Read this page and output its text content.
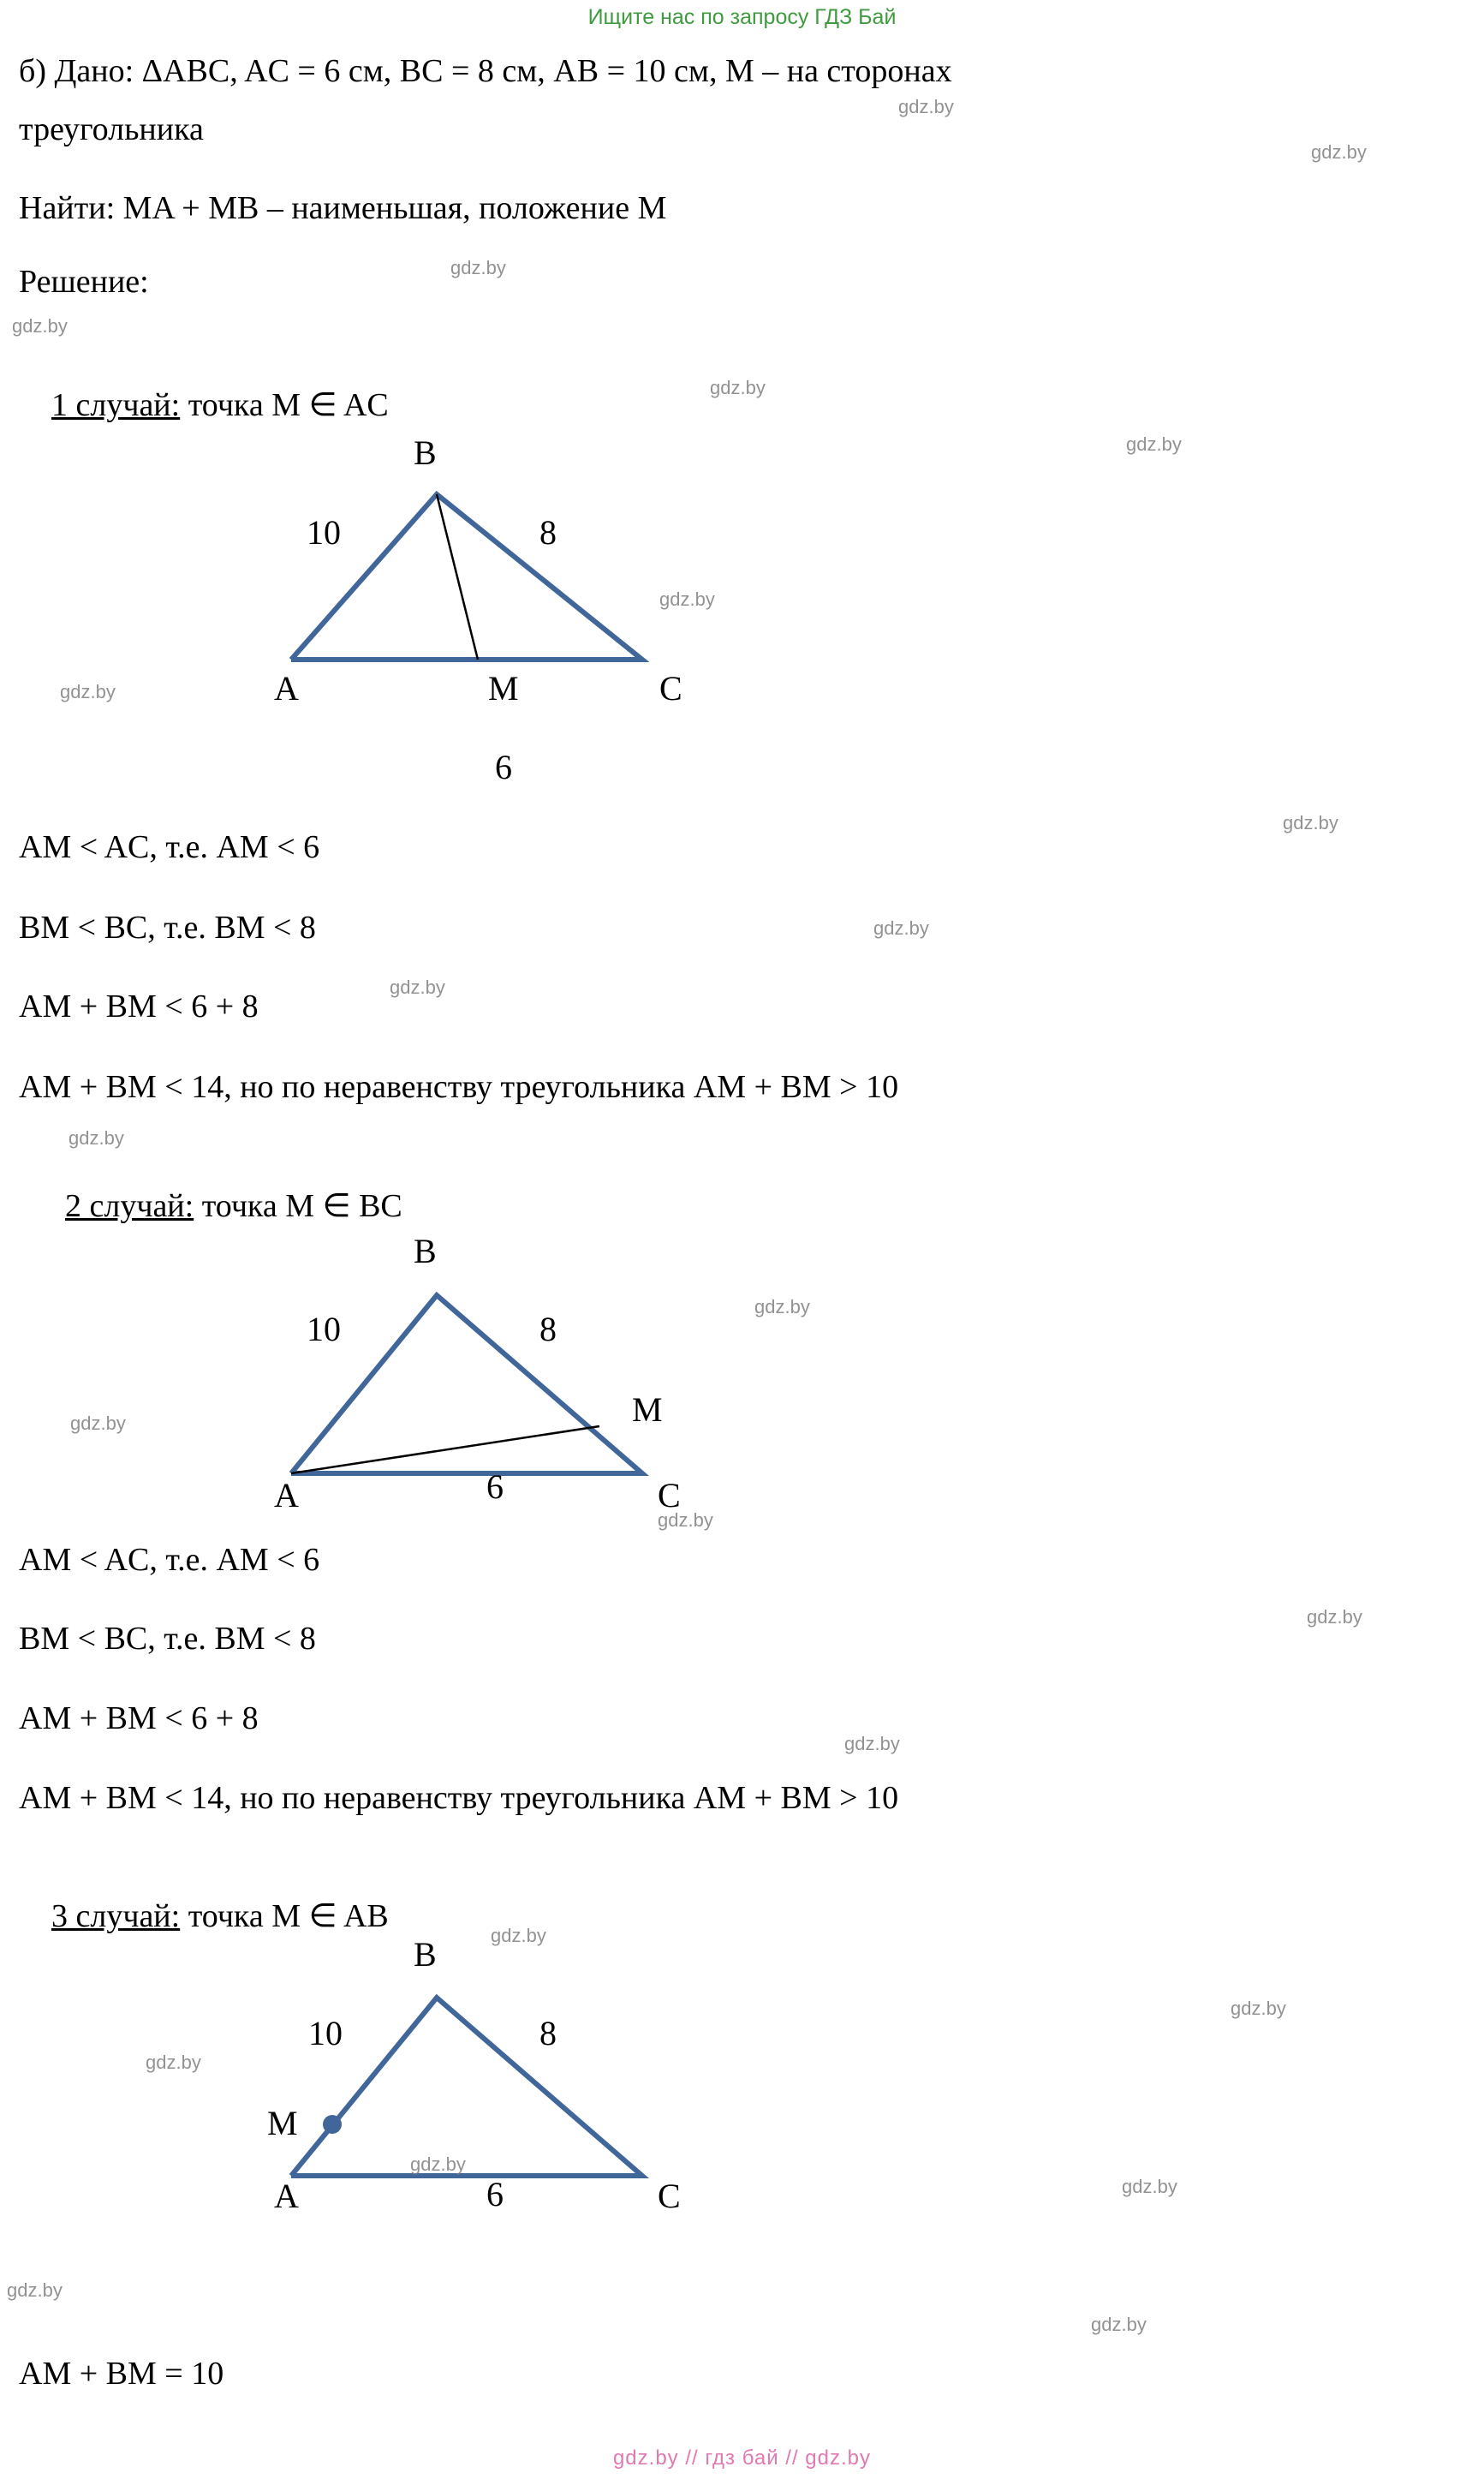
Ищите нас по запросу ГДЗ Бай
б) Дано: ΔABC, AC = 6 см, BC = 8 см, AB = 10 см, M – на сторонах
треугольника
Найти: MA + MB – наименьшая, положение M
Решение:

1 случай: точка M ∈ AC

B
A	C
M
10	8
6
AM < AC, т.е. AM < 6
BM < BC, т.е. BM < 8
AM + BM < 6 + 8
AM + BM < 14, но по неравенству треугольника AM + BM > 10

2 случай: точка M ∈ BC

B
A	C
M
10	8
6
AM < AC, т.е. AM < 6
BM < BC, т.е. BM < 8
AM + BM < 6 + 8
AM + BM < 14, но по неравенству треугольника AM + BM > 10

3 случай: точка M ∈ AB

B
A	C
M
10	8
6
AM + BM = 10
gdz.by // гдз бай // gdz.by
gdz.by
gdz.by
gdz.by
gdz.by
gdz.by
gdz.by
gdz.by
gdz.by
gdz.by
gdz.by
gdz.by
gdz.by
gdz.by
gdz.by
gdz.by
gdz.by
gdz.by
gdz.by
gdz.by
gdz.by
gdz.by
gdz.by
gdz.by
gdz.by
